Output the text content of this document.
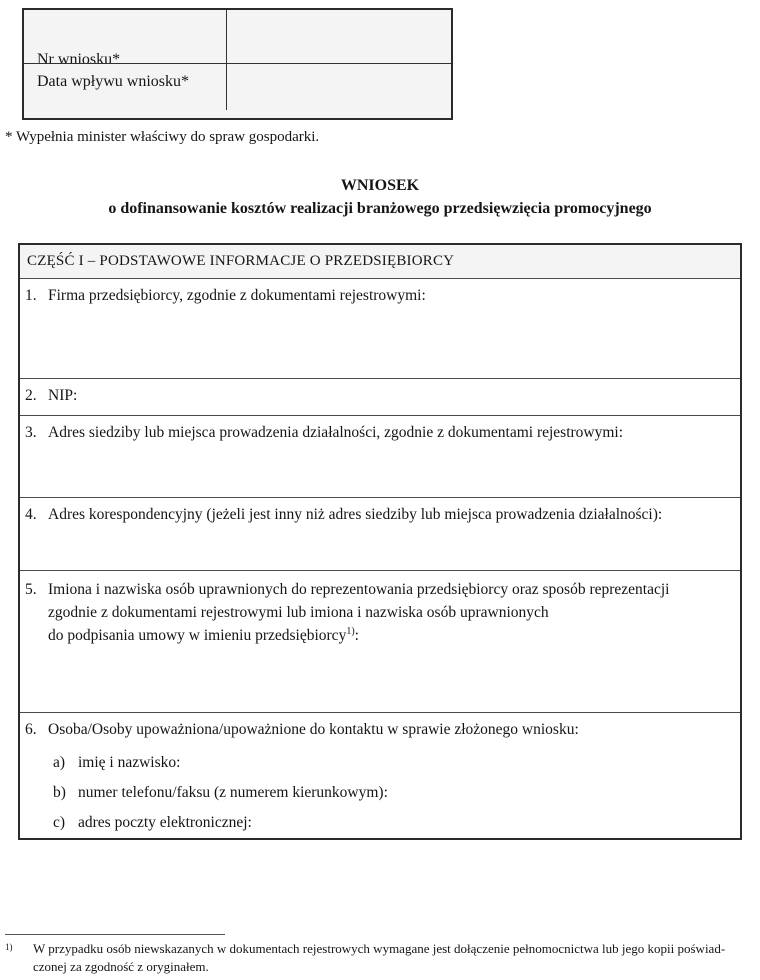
Nr wniosku*
Data wpływu wniosku*
* Wypełnia minister właściwy do spraw gospodarki.
WNIOSEK
o dofinansowanie kosztów realizacji branżowego przedsięwzięcia promocyjnego
CZĘŚĆ I – PODSTAWOWE INFORMACJE O PRZEDSIĘBIORCY
1. Firma przedsiębiorcy, zgodnie z dokumentami rejestrowymi:
2. NIP:
3. Adres siedziby lub miejsca prowadzenia działalności, zgodnie z dokumentami rejestrowymi:
4. Adres korespondencyjny (jeżeli jest inny niż adres siedziby lub miejsca prowadzenia działalności):
5. Imiona i nazwiska osób uprawnionych do reprezentowania przedsiębiorcy oraz sposób reprezentacji
zgodnie z dokumentami rejestrowymi lub imiona i nazwiska osób uprawnionych
do podpisania umowy w imieniu przedsiębiorcy$^{1)}$:
6. Osoba/Osoby upoważniona/upoważnione do kontaktu w sprawie złożonego wniosku:
a) imię i nazwisko:
b) numer telefonu/faksu (z numerem kierunkowym):
c) adres poczty elektronicznej:
1)	W przypadku osób niewskazanych w dokumentach rejestrowych wymagane jest dołączenie pełnomocnictwa lub jego kopii poświad-
czonej za zgodność z oryginałem.
